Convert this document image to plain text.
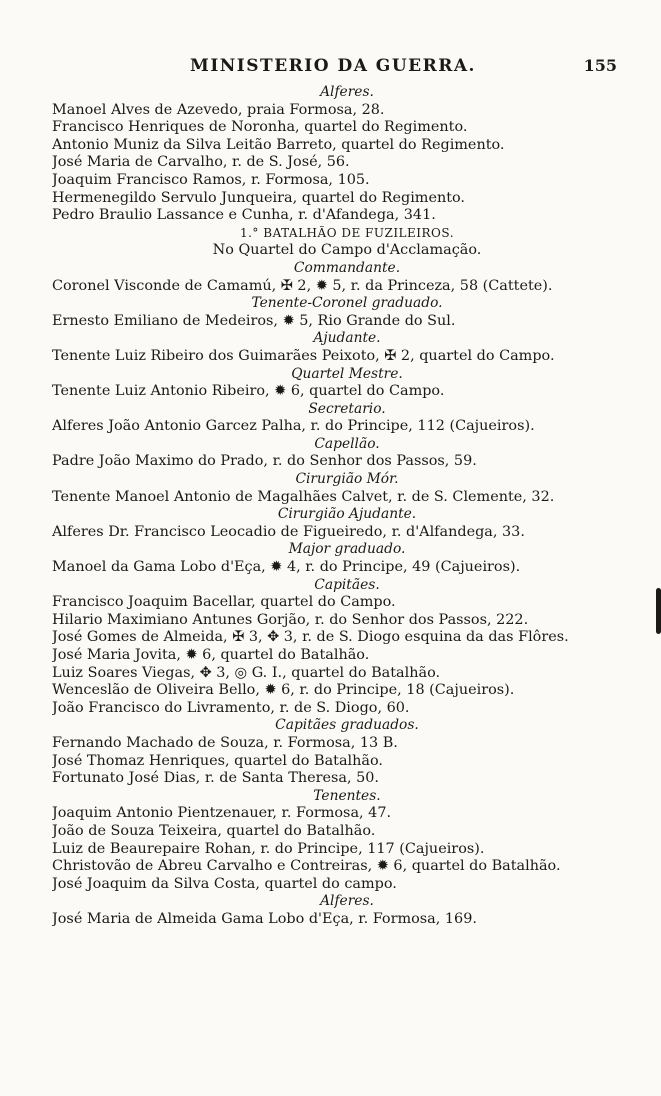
MINISTERIO DA GUERRA.	155
Alferes.
Manoel Alves de Azevedo, praia Formosa, 28.
Francisco Henriques de Noronha, quartel do Regimento.
Antonio Muniz da Silva Leitão Barreto, quartel do Regimento.
José Maria de Carvalho, r. de S. José, 56.
Joaquim Francisco Ramos, r. Formosa, 105.
Hermenegildo Servulo Junqueira, quartel do Regimento.
Pedro Braulio Lassance e Cunha, r. d'Afandega, 341.
1.° BATALHÃO DE FUZILEIROS.
No Quartel do Campo d'Acclamação.
Commandante.
Coronel Visconde de Camamú, ✠ 2, ✹ 5, r. da Princeza, 58 (Cattete).
Tenente-Coronel graduado.
Ernesto Emiliano de Medeiros, ✹ 5, Rio Grande do Sul.
Ajudante.
Tenente Luiz Ribeiro dos Guimarães Peixoto, ✠ 2, quartel do Campo.
Quartel Mestre.
Tenente Luiz Antonio Ribeiro, ✹ 6, quartel do Campo.
Secretario.
Alferes João Antonio Garcez Palha, r. do Principe, 112 (Cajueiros).
Capellão.
Padre João Maximo do Prado, r. do Senhor dos Passos, 59.
Cirurgião Mór.
Tenente Manoel Antonio de Magalhães Calvet, r. de S. Clemente, 32.
Cirurgião Ajudante.
Alferes Dr. Francisco Leocadio de Figueiredo, r. d'Alfandega, 33.
Major graduado.
Manoel da Gama Lobo d'Eça, ✹ 4, r. do Principe, 49 (Cajueiros).
Capitães.
Francisco Joaquim Bacellar, quartel do Campo.
Hilario Maximiano Antunes Gorjão, r. do Senhor dos Passos, 222.
José Gomes de Almeida, ✠ 3, ✥ 3, r. de S. Diogo esquina da das Flôres.
José Maria Jovita, ✹ 6, quartel do Batalhão.
Luiz Soares Viegas, ✥ 3, ◎ G. I., quartel do Batalhão.
Wenceslão de Oliveira Bello, ✹ 6, r. do Principe, 18 (Cajueiros).
João Francisco do Livramento, r. de S. Diogo, 60.
Capitães graduados.
Fernando Machado de Souza, r. Formosa, 13 B.
José Thomaz Henriques, quartel do Batalhão.
Fortunato José Dias, r. de Santa Theresa, 50.
Tenentes.
Joaquim Antonio Pientzenauer, r. Formosa, 47.
João de Souza Teixeira, quartel do Batalhão.
Luiz de Beaurepaire Rohan, r. do Principe, 117 (Cajueiros).
Christovão de Abreu Carvalho e Contreiras, ✹ 6, quartel do Batalhão.
José Joaquim da Silva Costa, quartel do campo.
Alferes.
José Maria de Almeida Gama Lobo d'Eça, r. Formosa, 169.
